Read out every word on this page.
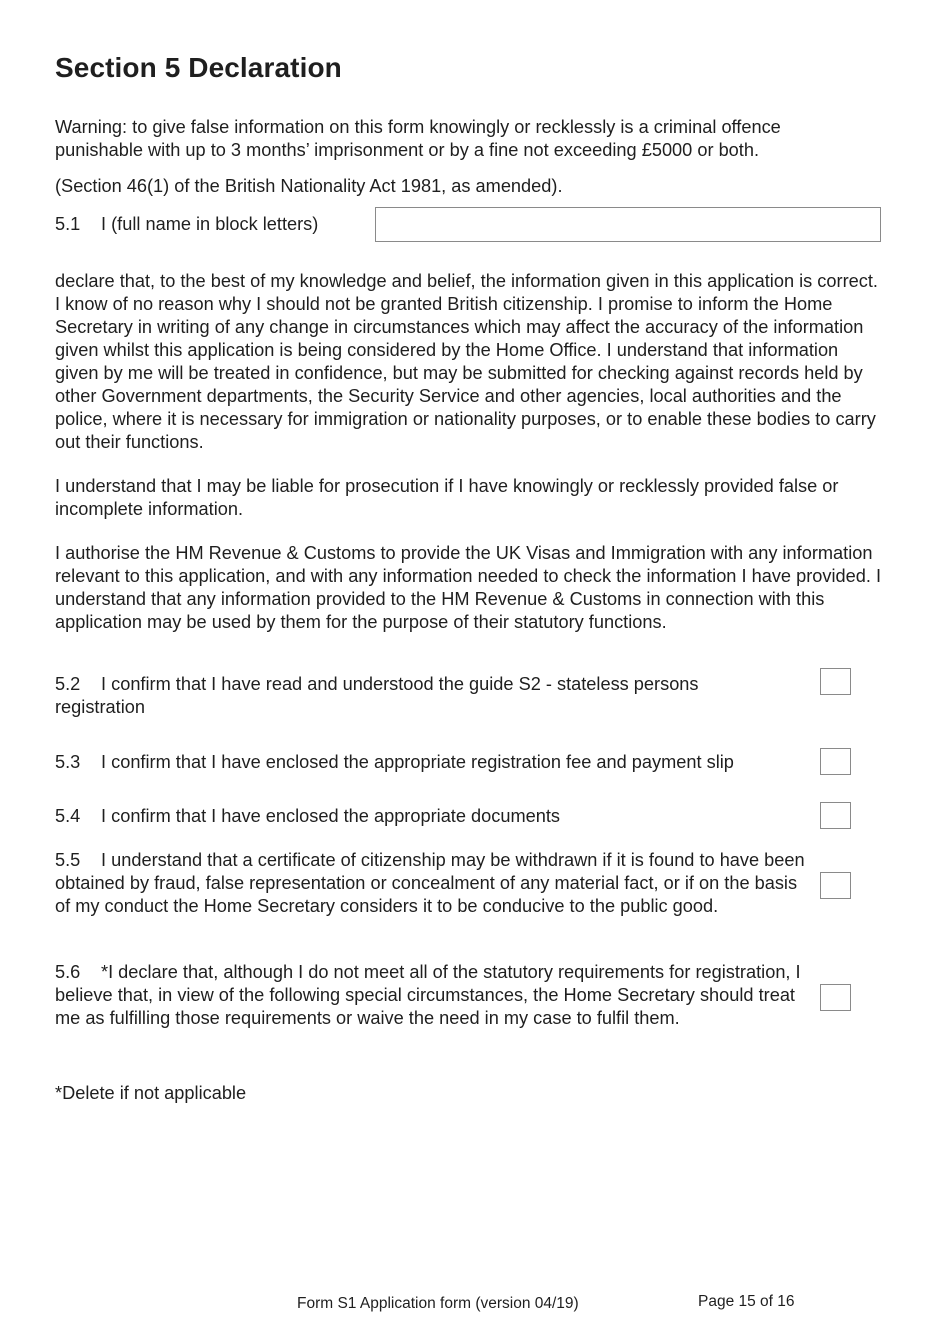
Section 5 Declaration

Warning: to give false information on this form knowingly or recklessly is a criminal offence punishable with up to 3 months’ imprisonment or by a fine not exceeding £5000 or both.

(Section 46(1) of the British Nationality Act 1981, as amended).

5.1 I (full name in block letters)

declare that, to the best of my knowledge and belief, the information given in this application is correct. I know of no reason why I should not be granted British citizenship. I promise to inform the Home Secretary in writing of any change in circumstances which may affect the accuracy of the information given whilst this application is being considered by the Home Office. I understand that information given by me will be treated in confidence, but may be submitted for checking against records held by other Government departments, the Security Service and other agencies, local authorities and the police, where it is necessary for immigration or nationality purposes, or to enable these bodies to carry out their functions.

I understand that I may be liable for prosecution if I have knowingly or recklessly provided false or incomplete information.

I authorise the HM Revenue & Customs to provide the UK Visas and Immigration with any information relevant to this application, and with any information needed to check the information I have provided. I understand that any information provided to the HM Revenue & Customs in connection with this application may be used by them for the purpose of their statutory functions.

5.2 I confirm that I have read and understood the guide S2 - stateless persons registration

5.3 I confirm that I have enclosed the appropriate registration fee and payment slip

5.4 I confirm that I have enclosed the appropriate documents

5.5 I understand that a certificate of citizenship may be withdrawn if it is found to have been obtained by fraud, false representation or concealment of any material fact, or if on the basis of my conduct the Home Secretary considers it to be conducive to the public good.

5.6 *I declare that, although I do not meet all of the statutory requirements for registration, I believe that, in view of the following special circumstances, the Home Secretary should treat me as fulfilling those requirements or waive the need in my case to fulfil them.

*Delete if not applicable

Form S1 Application form (version 04/19)	Page 15 of 16
